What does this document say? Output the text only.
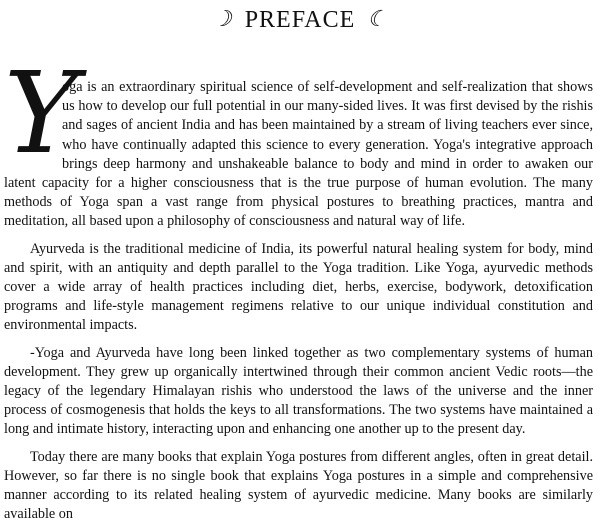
☽ PREFACE ☾

Y
oga is an extraordinary spiritual science of self-development and self-realization that shows us how to develop our full potential in our many-sided lives. It was first devised by the rishis and sages of ancient India and has been maintained by a stream of living teachers ever since, who have continually adapted this science to every generation. Yoga's integrative approach brings deep harmony and unshakeable balance to body and mind in order to awaken our latent capacity for a higher consciousness that is the true purpose of human evolution. The many methods of Yoga span a vast range from physical postures to breathing practices, mantra and meditation, all based upon a philosophy of consciousness and natural way of life.

Ayurveda is the traditional medicine of India, its powerful natural healing system for body, mind and spirit, with an antiquity and depth parallel to the Yoga tradition. Like Yoga, ayurvedic methods cover a wide array of health practices including diet, herbs, exercise, bodywork, detoxification programs and life-style management regimens relative to our unique individual constitution and environmental impacts.

-Yoga and Ayurveda have long been linked together as two complementary systems of human development. They grew up organically intertwined through their common ancient Vedic roots—the legacy of the legendary Himalayan rishis who understood the laws of the universe and the inner process of cosmogenesis that holds the keys to all transformations. The two systems have maintained a long and intimate history, interacting upon and enhancing one another up to the present day.

Today there are many books that explain Yoga postures from different angles, often in great detail. However, so far there is no single book that explains Yoga postures in a simple and comprehensive manner according to its related healing system of ayurvedic medicine. Many books are similarly available on
